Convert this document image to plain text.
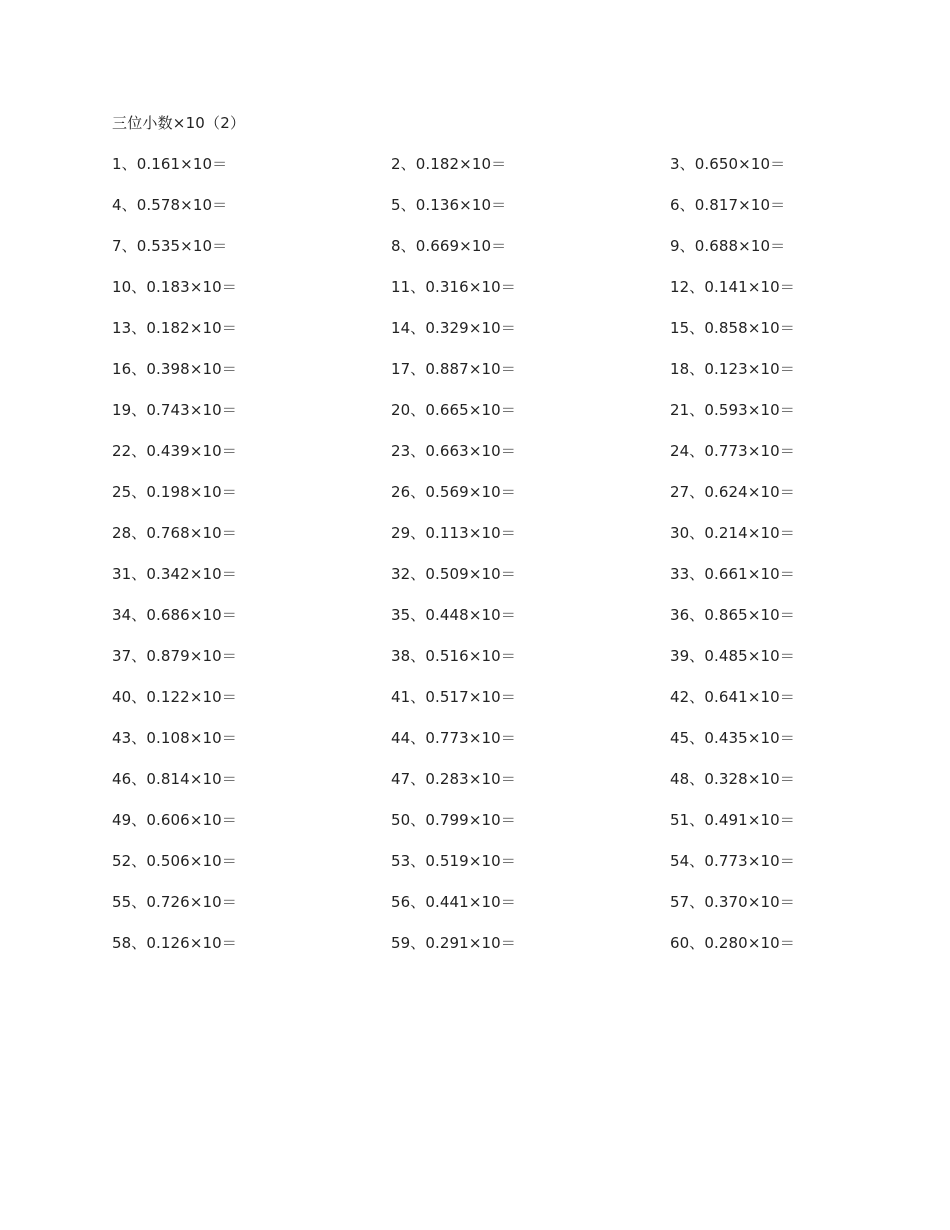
三位小数×10（2）
1、0.161×10＝	2、0.182×10＝	3、0.650×10＝
4、0.578×10＝	5、0.136×10＝	6、0.817×10＝
7、0.535×10＝	8、0.669×10＝	9、0.688×10＝
10、0.183×10＝	11、0.316×10＝	12、0.141×10＝
13、0.182×10＝	14、0.329×10＝	15、0.858×10＝
16、0.398×10＝	17、0.887×10＝	18、0.123×10＝
19、0.743×10＝	20、0.665×10＝	21、0.593×10＝
22、0.439×10＝	23、0.663×10＝	24、0.773×10＝
25、0.198×10＝	26、0.569×10＝	27、0.624×10＝
28、0.768×10＝	29、0.113×10＝	30、0.214×10＝
31、0.342×10＝	32、0.509×10＝	33、0.661×10＝
34、0.686×10＝	35、0.448×10＝	36、0.865×10＝
37、0.879×10＝	38、0.516×10＝	39、0.485×10＝
40、0.122×10＝	41、0.517×10＝	42、0.641×10＝
43、0.108×10＝	44、0.773×10＝	45、0.435×10＝
46、0.814×10＝	47、0.283×10＝	48、0.328×10＝
49、0.606×10＝	50、0.799×10＝	51、0.491×10＝
52、0.506×10＝	53、0.519×10＝	54、0.773×10＝
55、0.726×10＝	56、0.441×10＝	57、0.370×10＝
58、0.126×10＝	59、0.291×10＝	60、0.280×10＝
